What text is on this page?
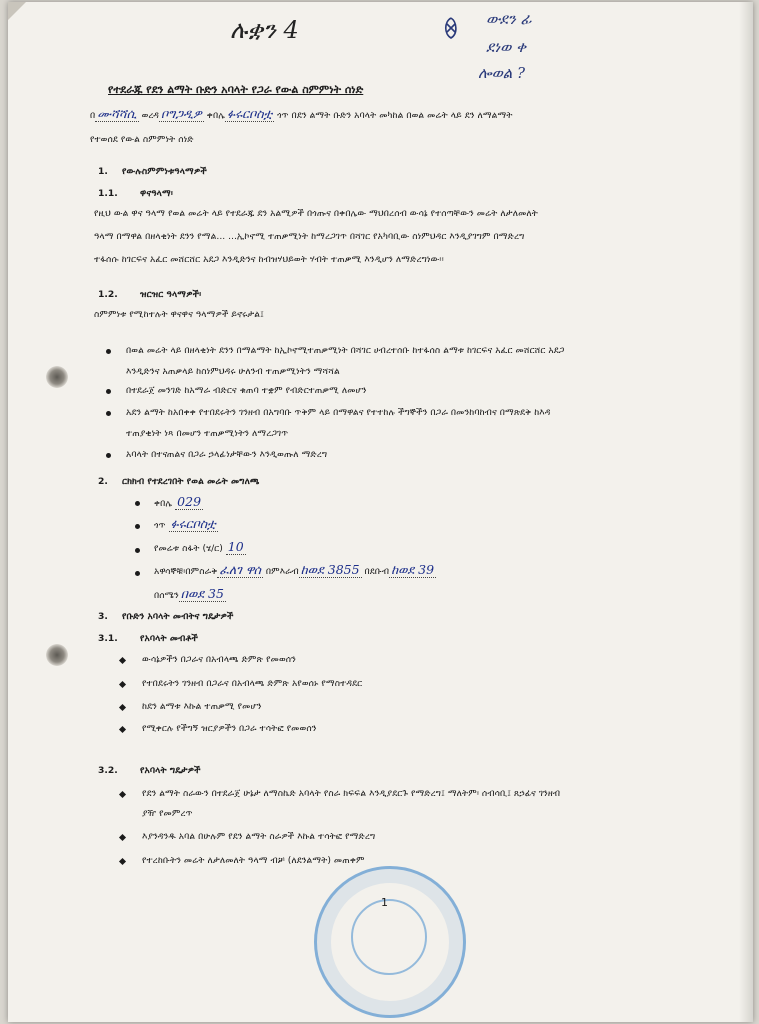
ሉቋን 4	ውደን ፊ
ደነወ ቀ
ሎወል ?
የተደራጁ የደን ልማት ቡድን አባላት የጋራ የውል ስምምነት ሰነድ
በ ሙሻሻሲ ወረዳ ቦግጋዲዎ ቀበሌ ፉሩርቦስቷ ጎጥ በደን ልማት ቡድን አባላት መካከል በወል መሬት ላይ ደን ለማልማት
የተወሰደ የውል ስምምነት ሰነድ
1. የውሉስምምነቱዓላማዎች
1.1. ዋናዓላማ፡
የዚህ ውል ዋና ዓላማ የወል መሬት ላይ የተደራጁ ደን አልሚዎች በጎጡና በቀበሌው ማህበረሰብ ውሳኔ የተሰጣቸውን መሬት ለታለመለት
ዓላማ በማዋል በዘላቂነት ደንን የማል... ...ኢኮኖሚ ተጠቃሚነት ከማረጋገጥ በሻገር የአካባቢው ስነምህዳር እንዲያገግም በማድረግ
ተፋሰሱ ከገርፍና አፈር መሸርሸር አደጋ እንዲድንና ከብዝሃህይወት ሃብት ተጠቃሚ እንዲሆን ለማድረግነው፡፡
1.2. ዝርዝር ዓላማዎች፡
ስምምነቱ የሚከተሉት ዋናዋና ዓላማዎች ይኖሩታል፤
በወል መሬት ላይ በዘላቂነት ደንን በማልማት ከኢኮኖሚተጠቃሚነት በሻገር ሀብረተሰቡ ከተፋሰስ ልማቱ ከገርፍና አፈር መሸርሸር አደጋ
እንዲድንና አጠቃላይ ከስነምህዳሩ ሁለንብ ተጠቃሚነትን ማሻሻል
በተደራጀ መንገድ ከአማራ ብድርና ቁጠባ ተቋም የብድርተጠቃሚ ለመሆን
አደን ልማት ከአበቀቀ የተበደሩትን ገንዘብ በአግባቡ ጥቅም ላይ በማዋልና የተተከሉ ችግኞችን በጋራ በመንከባከብና በማጽደቅ ከእዳ
ተጠያቂነት ነጻ በመሆን ተጠቃሚነትን ለማረጋገጥ
አባላት በተናጠልና በጋራ ኃላፊነታቸውን እንዲወጡለ ማድረግ
2. ርክክብ የተደረገበት የወል መሬት መግለጫ
ቀበሌ 029
ጎጥ ፉሩርቦስቷ
የመሬቱ ስፋት (ሄ/ር) 10
አዋሳኞቹ፡በምስራቅ ፈለገ ዋሰ በምእራብ ከወደ 3855 በደቡብ ከወደ 39
በሰሜን በወደ 35
3. የቡድን አባላት መብትና ግዴታዎች
3.1. የአባላት መብቶች
ውሳኔዎችን በጋራና በአብላጫ ድምጽ የመወሰን
የተበደሩትን ገንዘብ በጋራና በአብላጫ ድምጽ አየወሰኑ የማስተዳደር
ከደን ልማቱ እኩል ተጠቃሚ የመሆን
የሚቀርሉ የችግኝ ዝርያዎችን በጋራ ተሳትፎ የመወሰን
3.2. የአባላት ግዴታዎች
የደን ልማት ስራውን በተደራጀ ሁኔታ ለማስኬድ አባላት የስራ ክፍፍል እንዲያደርጉ የማድረግ፤ ማለትም፡ ሰብሳቢ፤ ጸኃፊና ገንዘብ
ያዥ የመምረጥ
እያንዳንዱ አባል በሁሉም የደን ልማት ስራዎች እኩል ተሳትፎ የማድረግ
የተረከቡትን መሬት ለታለመለት ዓላማ ብቻ (ለደንልማት) መጠቀም
1
